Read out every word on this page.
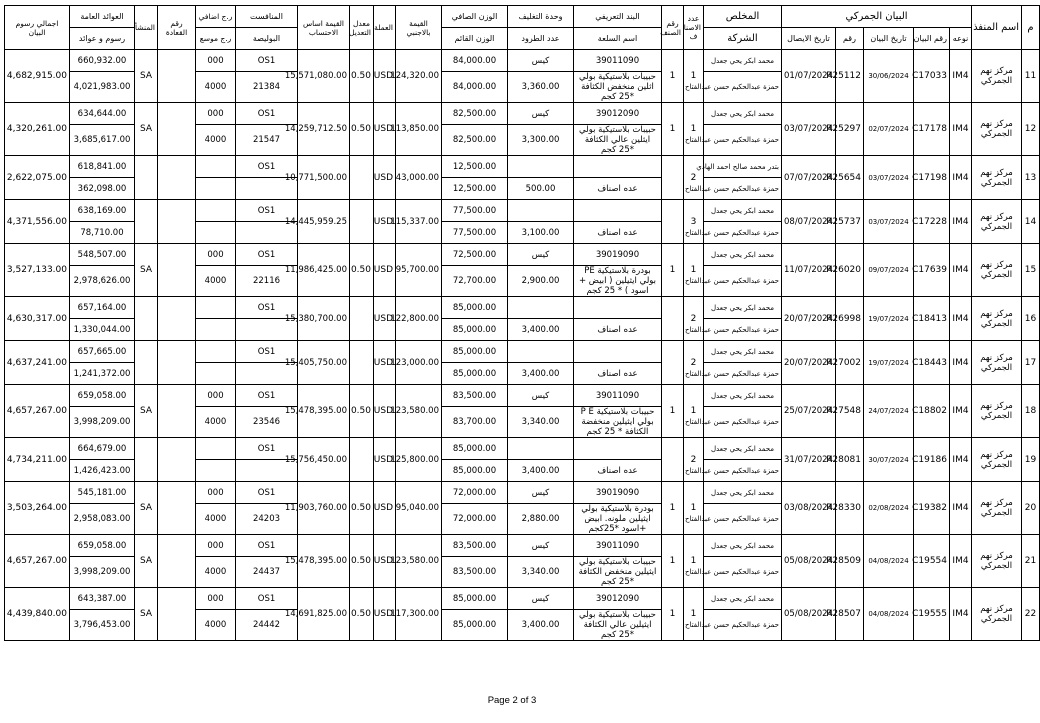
م	اسم المنفذ	البيان الجمركي					المخلص	عدد الاصنا ف	رقم الصنف	البند التعريفي	وحدة التغليف	الوزن الصافي	القيمة بالاجنبي	العملة	معدل التعديل	القيمة اساس الاحتساب	المنافست	ر.ج اضافي	رقم القعادة	المنشأ	العوائد العامة	اجمالي رسوم البيان
		نوعه	رقم البيان	تاريخ البيان	رقم	تاريخ الايصال	الشركة			اسم السلعة	عدد الطرود	الوزن القائم					البوليصة	ر.ج موسع			رسوم و عوائد	
11	مركز نهم الجمركي	IM4	C17033	30/06/2024	R25112	01/07/2024	محمد ابكر يحي جعدل	1	1	39011090	كيس	84,000.00	124,320.00	USD	0.50	15,571,080.00	OS1	000		SA	660,932.00	4,682,915.00
							حمزة عبدالحكيم حسن عبدالفتاح			حبيبات بلاستيكية بولي اثلين منخفض الكثافة *25 كجم	3,360.00	84,000.00					21384	4000			4,021,983.00	
12	مركز نهم الجمركي	IM4	C17178	02/07/2024	R25297	03/07/2024	محمد ابكر يحي جعدل	1	1	39012090	كيس	82,500.00	113,850.00	USD	0.50	14,259,712.50	OS1	000		SA	634,644.00	4,320,261.00
							حمزة عبدالحكيم حسن عبدالفتاح			حبيبات بلاستيكية بولي ايثلين عالي الكثافة *25 كجم	3,300.00	82,500.00					21547	4000			3,685,617.00	
13	مركز نهم الجمركي	IM4	C17198	03/07/2024	R25654	07/07/2024	بتدر محمد صالح احمد الهادي	2				12,500.00	43,000.00	USD		10,771,500.00	OS1				618,841.00	2,622,075.00
							حمزة عبدالحكيم حسن عبدالفتاح			عده اصناف	500.00	12,500.00									362,098.00	
14	مركز نهم الجمركي	IM4	C17228	03/07/2024	R25737	08/07/2024	محمد ابكر يحي جعدل	3				77,500.00	115,337.00	USD		14,445,959.25	OS1				638,169.00	4,371,556.00
							حمزة عبدالحكيم حسن عبدالفتاح			عده اصناف	3,100.00	77,500.00									78,710.00	
15	مركز نهم الجمركي	IM4	C17639	09/07/2024	R26020	11/07/2024	محمد ابكر يحي جعدل	1	1	39019090	كيس	72,500.00	95,700.00	USD	0.50	11,986,425.00	OS1	000		SA	548,507.00	3,527,133.00
							حمزة عبدالحكيم حسن عبدالفتاح			بودرة بلاستيكية PE بولي ايثيلين ( ابيض + اسود ) * 25 كجم	2,900.00	72,700.00					22116	4000			2,978,626.00	
16	مركز نهم الجمركي	IM4	C18413	19/07/2024	R26998	20/07/2024	محمد ابكر يحي جعدل	2				85,000.00	122,800.00	USD		15,380,700.00	OS1				657,164.00	4,630,317.00
							حمزة عبدالحكيم حسن عبدالفتاح			عده اصناف	3,400.00	85,000.00									1,330,044.00	
17	مركز نهم الجمركي	IM4	C18443	19/07/2024	R27002	20/07/2024	محمد ابكر يحي جعدل	2				85,000.00	123,000.00	USD		15,405,750.00	OS1				657,665.00	4,637,241.00
							حمزة عبدالحكيم حسن عبدالفتاح			عده اصناف	3,400.00	85,000.00									1,241,372.00	
18	مركز نهم الجمركي	IM4	C18802	24/07/2024	R27548	25/07/2024	محمد ابكر يحي جعدل	1	1	39011090	كيس	83,500.00	123,580.00	USD	0.50	15,478,395.00	OS1	000		SA	659,058.00	4,657,267.00
							حمزة عبدالحكيم حسن عبدالفتاح			حبيبات بلاستيكية P E بولي ايثيلين منخفضة الكثافة * 25 كجم	3,340.00	83,700.00					23546	4000			3,998,209.00	
19	مركز نهم الجمركي	IM4	C19186	30/07/2024	R28081	31/07/2024	محمد ابكر يحي جعدل	2				85,000.00	125,800.00	USD		15,756,450.00	OS1				664,679.00	4,734,211.00
							حمزة عبدالحكيم حسن عبدالفتاح			عده اصناف	3,400.00	85,000.00									1,426,423.00	
20	مركز نهم الجمركي	IM4	C19382	02/08/2024	R28330	03/08/2024	محمد ابكر يحي جعدل	1	1	39019090	كيس	72,000.00	95,040.00	USD	0.50	11,903,760.00	OS1	000		SA	545,181.00	3,503,264.00
							حمزة عبدالحكيم حسن عبدالفتاح			بودرة بلاستيكية بولي ايثيلين ملونه. ابيض +اسود *25كجم	2,880.00	72,000.00					24203	4000			2,958,083.00	
21	مركز نهم الجمركي	IM4	C19554	04/08/2024	R28509	05/08/2024	محمد ابكر يحي جعدل	1	1	39011090	كيس	83,500.00	123,580.00	USD	0.50	15,478,395.00	OS1	000		SA	659,058.00	4,657,267.00
							حمزة عبدالحكيم حسن عبدالفتاح			حبيبات بلاستيكية بولي ايثيلين منخفض الكثافة *25 كجم	3,340.00	83,500.00					24437	4000			3,998,209.00	
22	مركز نهم الجمركي	IM4	C19555	04/08/2024	R28507	05/08/2024	محمد ابكر يحي جعدل	1	1	39012090	كيس	85,000.00	117,300.00	USD	0.50	14,691,825.00	OS1	000		SA	643,387.00	4,439,840.00
							حمزة عبدالحكيم حسن عبدالفتاح			حبيبات بلاستيكية بولي ايثيلين عالي الكثافة *25 كجم	3,400.00	85,000.00					24442	4000			3,796,453.00	
Page 2 of 3
